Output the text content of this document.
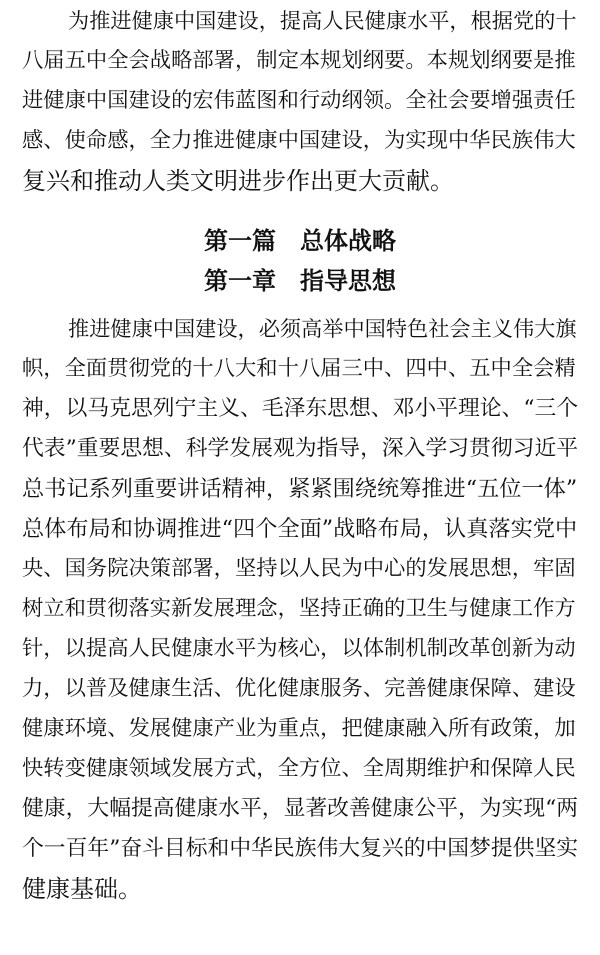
为推进健康中国建设，提高人民健康水平，根据党的十
八届五中全会战略部署，制定本规划纲要。本规划纲要是推
进健康中国建设的宏伟蓝图和行动纲领。全社会要增强责任
感、使命感，全力推进健康中国建设，为实现中华民族伟大
复兴和推动人类文明进步作出更大贡献。
第一篇　总体战略
第一章　指导思想
推进健康中国建设，必须高举中国特色社会主义伟大旗
帜，全面贯彻党的十八大和十八届三中、四中、五中全会精
神，以马克思列宁主义、毛泽东思想、邓小平理论、“三个
代表”重要思想、科学发展观为指导，深入学习贯彻习近平
总书记系列重要讲话精神，紧紧围绕统筹推进“五位一体”
总体布局和协调推进“四个全面”战略布局，认真落实党中
央、国务院决策部署，坚持以人民为中心的发展思想，牢固
树立和贯彻落实新发展理念，坚持正确的卫生与健康工作方
针，以提高人民健康水平为核心，以体制机制改革创新为动
力，以普及健康生活、优化健康服务、完善健康保障、建设
健康环境、发展健康产业为重点，把健康融入所有政策，加
快转变健康领域发展方式，全方位、全周期维护和保障人民
健康，大幅提高健康水平，显著改善健康公平，为实现“两
个一百年”奋斗目标和中华民族伟大复兴的中国梦提供坚实
健康基础。
